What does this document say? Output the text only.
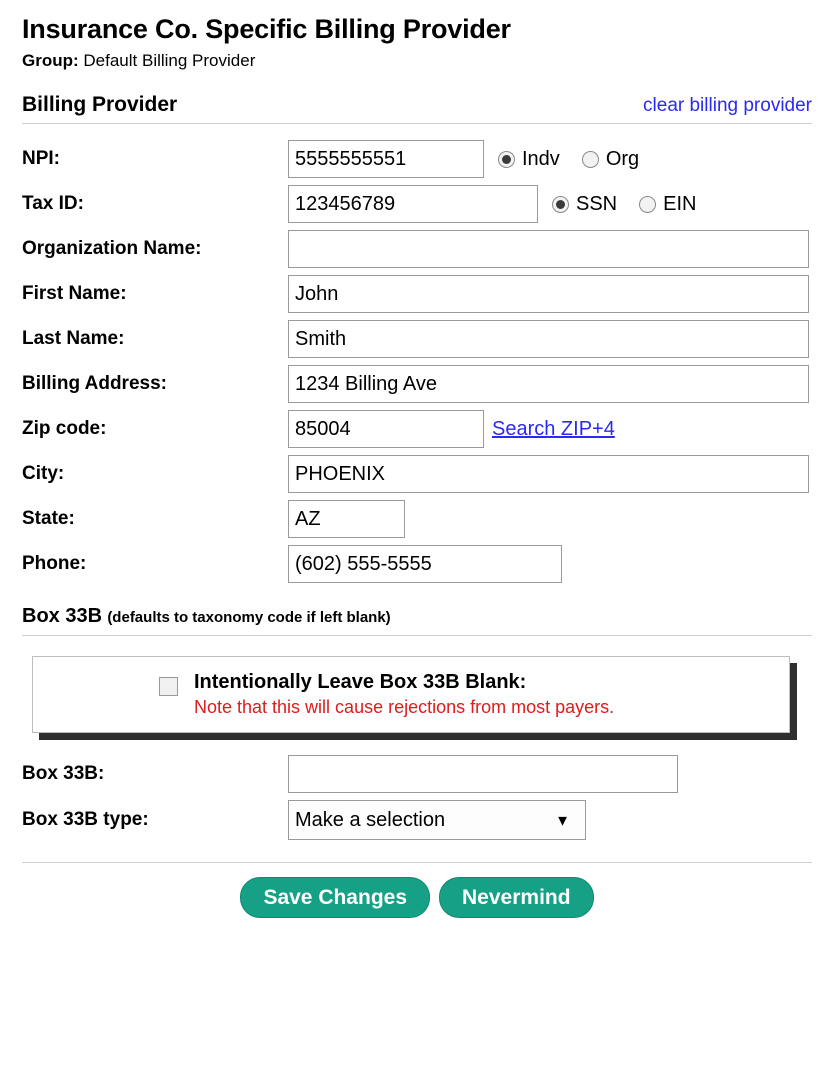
Insurance Co. Specific Billing Provider
Group: Default Billing Provider
Billing Provider	clear billing provider
NPI:
5555555551	Indv Org
Tax ID:
123456789	SSN EIN
Organization Name:
First Name:
John
Last Name:
Smith
Billing Address:
1234 Billing Ave
Zip code:
85004	Search ZIP+4
City:
PHOENIX
State:
AZ
Phone:
(602) 555-5555
Box 33B (defaults to taxonomy code if left blank)
Intentionally Leave Box 33B Blank:
Note that this will cause rejections from most payers.
Box 33B:
Box 33B type:
Make a selection	▼
Save Changes	Nevermind
